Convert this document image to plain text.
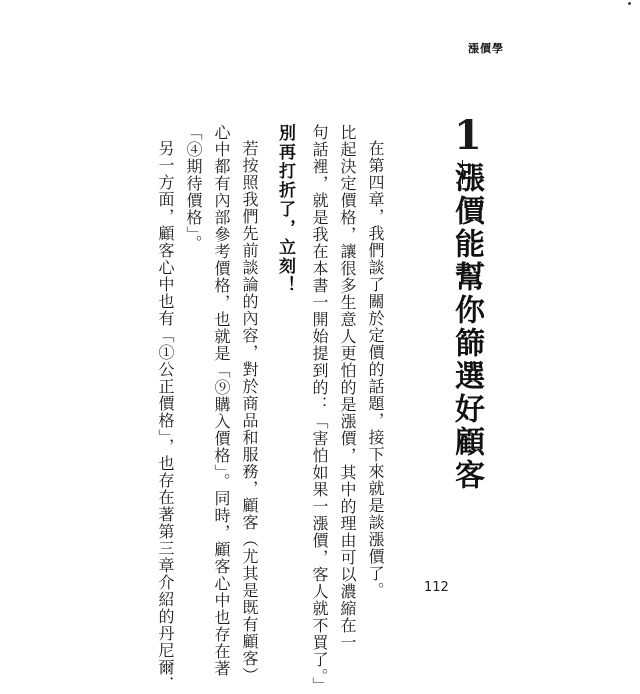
漲價學
1
漲價能幫你篩選好顧客
在第四章，我們談了關於定價的話題，接下來就是談漲價了。
比起決定價格，讓很多生意人更怕的是漲價，其中的理由可以濃縮在一
句話裡，就是我在本書一開始提到的：「害怕如果一漲價，客人就不買了。」
別再打折了，立刻！
若按照我們先前談論的內容，對於商品和服務，顧客（尤其是既有顧客）
心中都有內部參考價格，也就是「⑨購入價格」。同時，顧客心中也存在著
「④期待價格」。
另一方面，顧客心中也有「①公正價格」，也存在著第三章介紹的丹尼爾．	112
